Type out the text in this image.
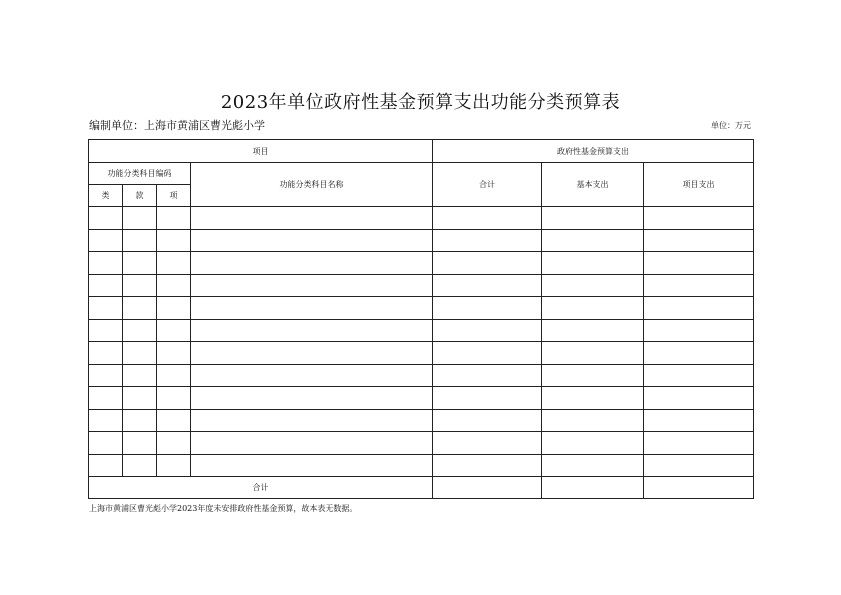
2023年单位政府性基金预算支出功能分类预算表
编制单位：上海市黄浦区曹光彪小学	单位：万元
项目				政府性基金预算支出		
功能分类科目编码			功能分类科目名称	合计	基本支出	项目支出
类	款	项				

合计						
上海市黄浦区曹光彪小学2023年度未安排政府性基金预算，故本表无数据。
